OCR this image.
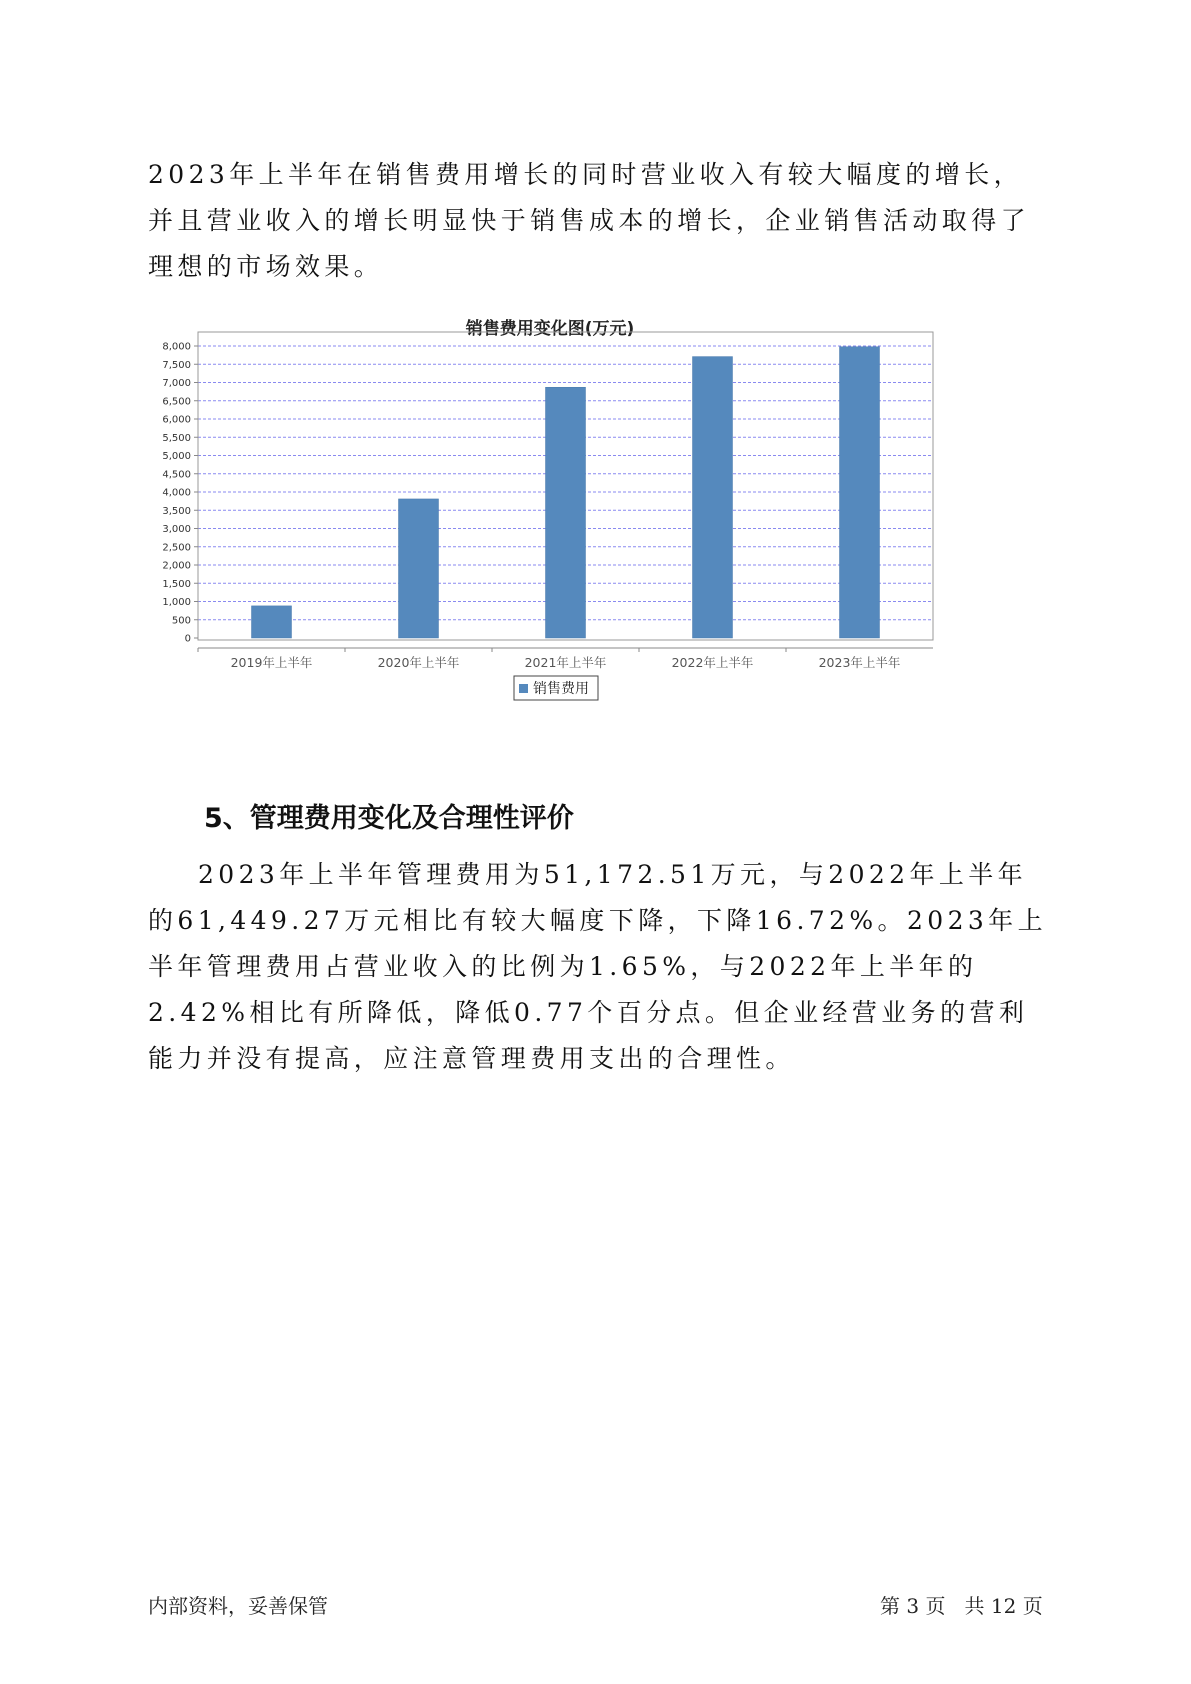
2023年上半年在销售费用增长的同时营业收入有较大幅度的增长，并且营业收入的增长明显快于销售成本的增长，企业销售活动取得了理想的市场效果。

销售费用变化图(万元)
0
500
1,000
1,500
2,000
2,500
3,000
3,500
4,000
4,500
5,000
5,500
6,000
6,500
7,000
7,500
8,000
2019年上半年	2020年上半年	2021年上半年	2022年上半年	2023年上半年
销售费用
5、管理费用变化及合理性评价

2023年上半年管理费用为51,172.51万元，与2022年上半年的61,449.27万元相比有较大幅度下降，下降16.72%。2023年上半年管理费用占营业收入的比例为1.65%，与2022年上半年的2.42%相比有所降低，降低0.77个百分点。但企业经营业务的营利能力并没有提高，应注意管理费用支出的合理性。

内部资料，妥善保管	第 3 页 共 12 页
